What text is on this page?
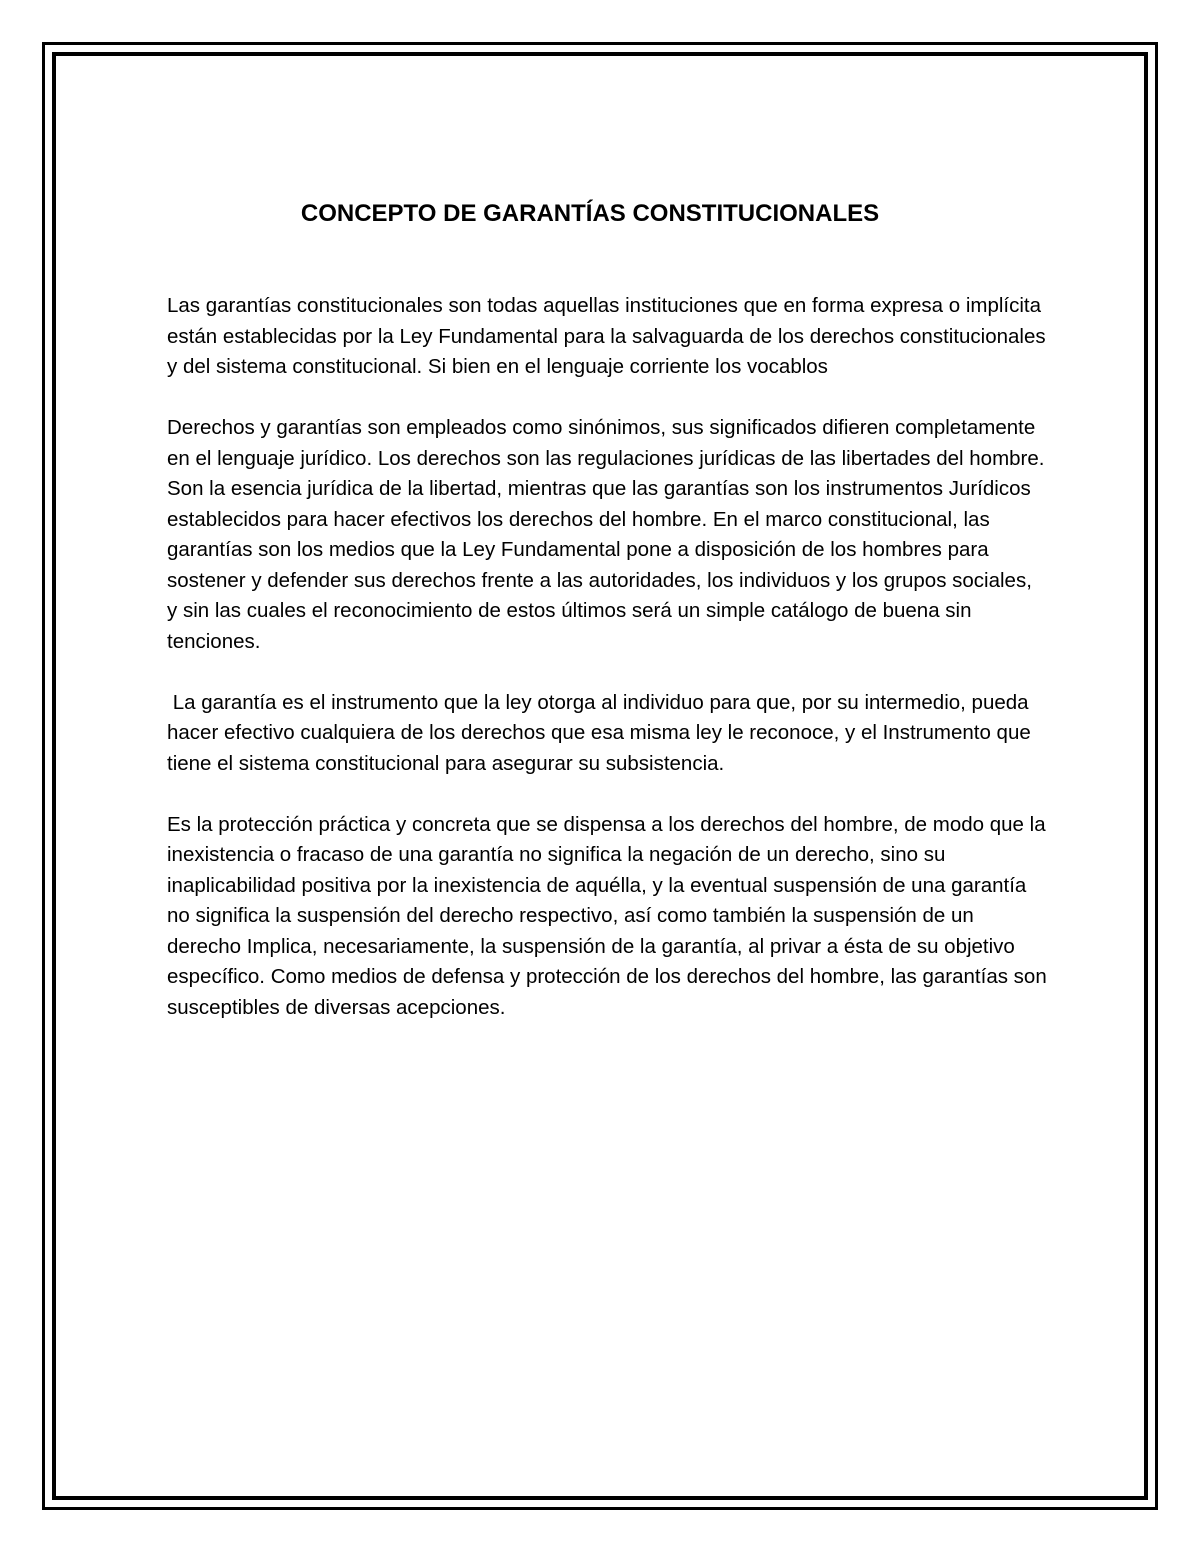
CONCEPTO DE GARANTÍAS CONSTITUCIONALES

Las garantías constitucionales son todas aquellas instituciones que en forma expresa o implícita están establecidas por la Ley Fundamental para la salvaguarda de los derechos constitucionales y del sistema constitucional. Si bien en el lenguaje corriente los vocablos

Derechos y garantías son empleados como sinónimos, sus significados difieren completamente en el lenguaje jurídico. Los derechos son las regulaciones jurídicas de las libertades del hombre. Son la esencia jurídica de la libertad, mientras que las garantías son los instrumentos Jurídicos establecidos para hacer efectivos los derechos del hombre. En el marco constitucional, las garantías son los medios que la Ley Fundamental pone a disposición de los hombres para sostener y defender sus derechos frente a las autoridades, los individuos y los grupos sociales, y sin las cuales el reconocimiento de estos últimos será un simple catálogo de buena sin tenciones.

La garantía es el instrumento que la ley otorga al individuo para que, por su intermedio, pueda hacer efectivo cualquiera de los derechos que esa misma ley le reconoce, y el Instrumento que tiene el sistema constitucional para asegurar su subsistencia.

Es la protección práctica y concreta que se dispensa a los derechos del hombre, de modo que la inexistencia o fracaso de una garantía no significa la negación de un derecho, sino su inaplicabilidad positiva por la inexistencia de aquélla, y la eventual suspensión de una garantía no significa la suspensión del derecho respectivo, así como también la suspensión de un derecho Implica, necesariamente, la suspensión de la garantía, al privar a ésta de su objetivo específico. Como medios de defensa y protección de los derechos del hombre, las garantías son susceptibles de diversas acepciones.
